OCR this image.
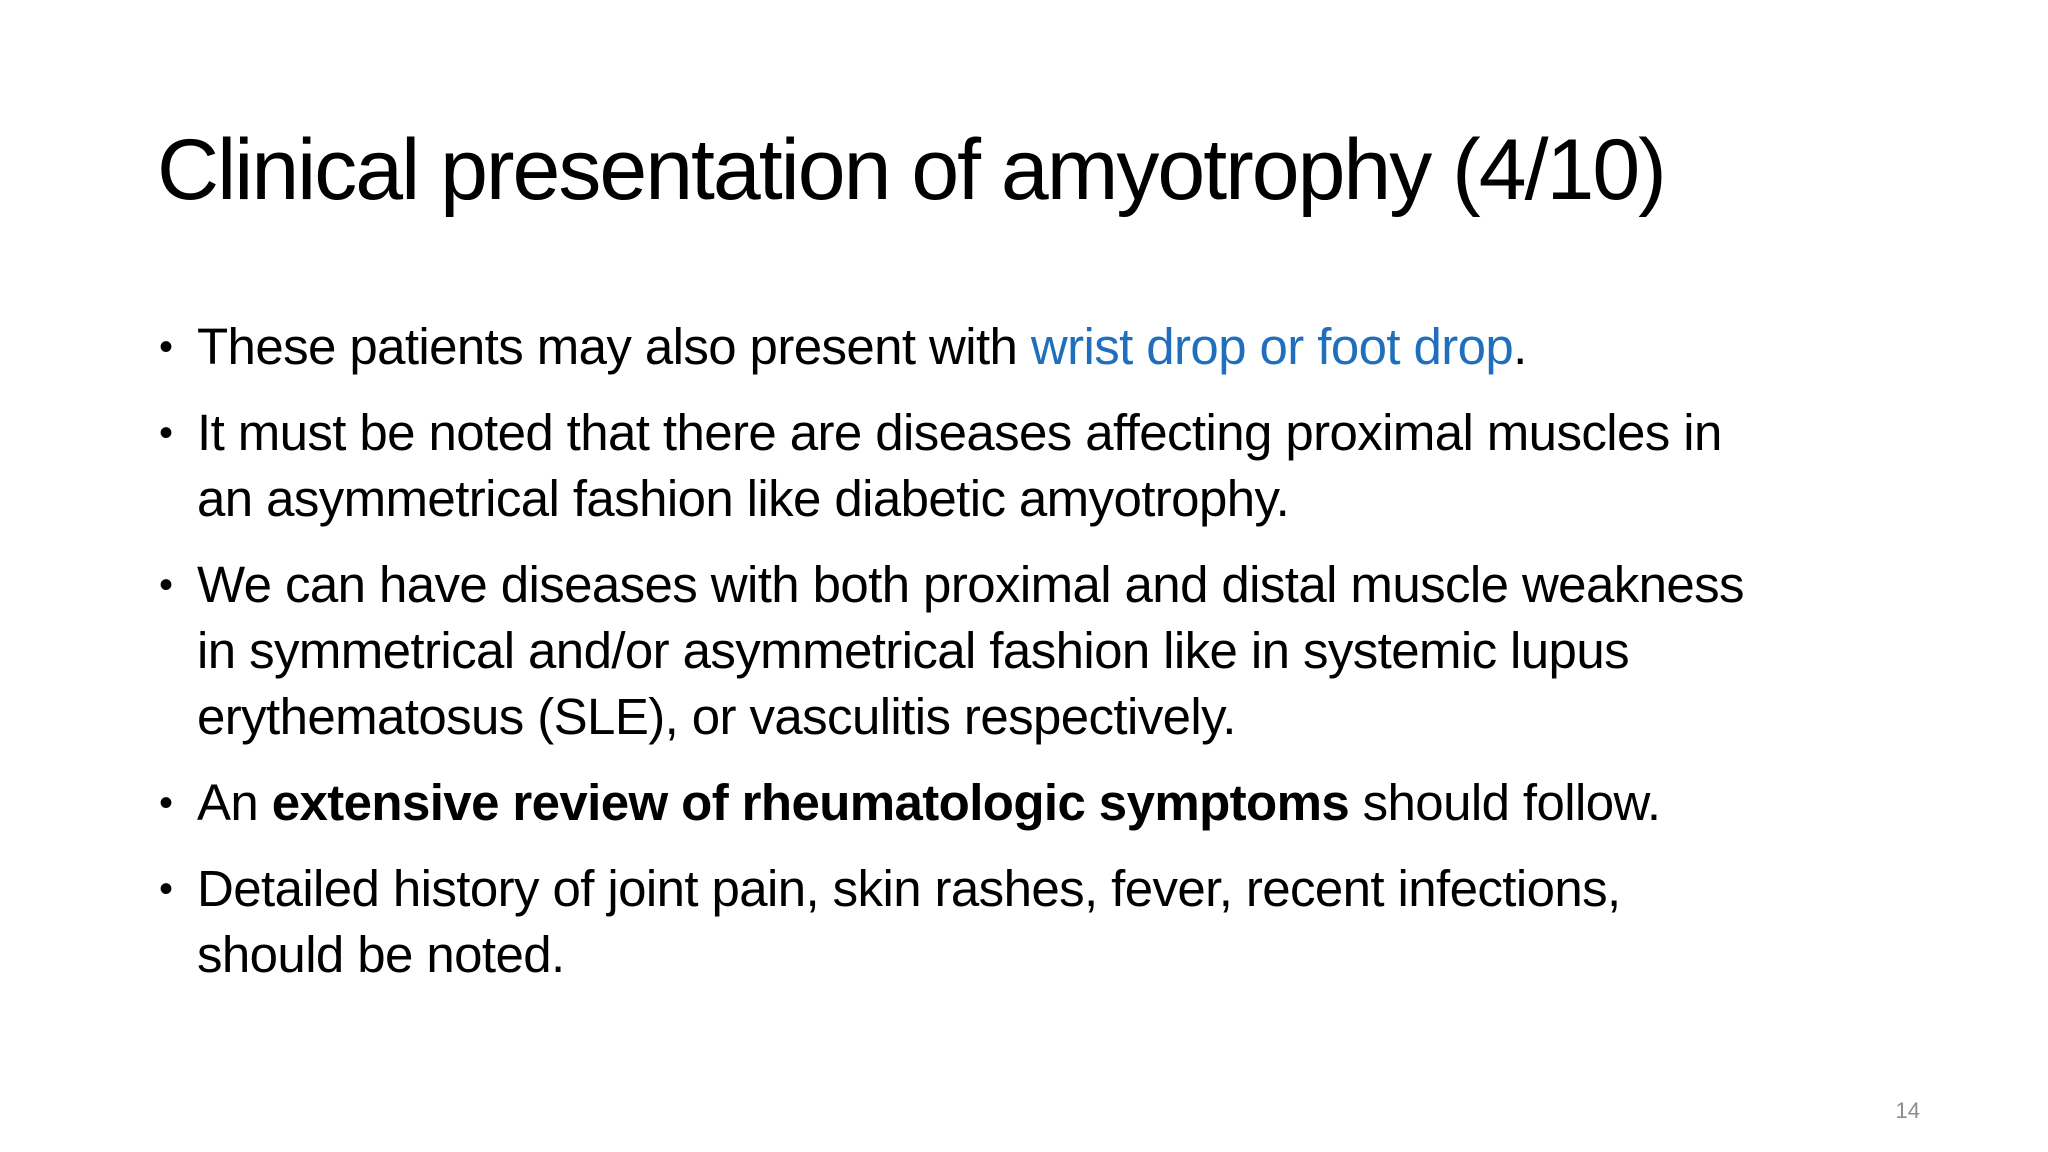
Clinical presentation of amyotrophy (4/10)
• These patients may also present with wrist drop or foot drop.
• It must be noted that there are diseases affecting proximal muscles in
an asymmetrical fashion like diabetic amyotrophy.
• We can have diseases with both proximal and distal muscle weakness
in symmetrical and/or asymmetrical fashion like in systemic lupus
erythematosus (SLE), or vasculitis respectively.
• An extensive review of rheumatologic symptoms should follow.
• Detailed history of joint pain, skin rashes, fever, recent infections,
should be noted.
14
